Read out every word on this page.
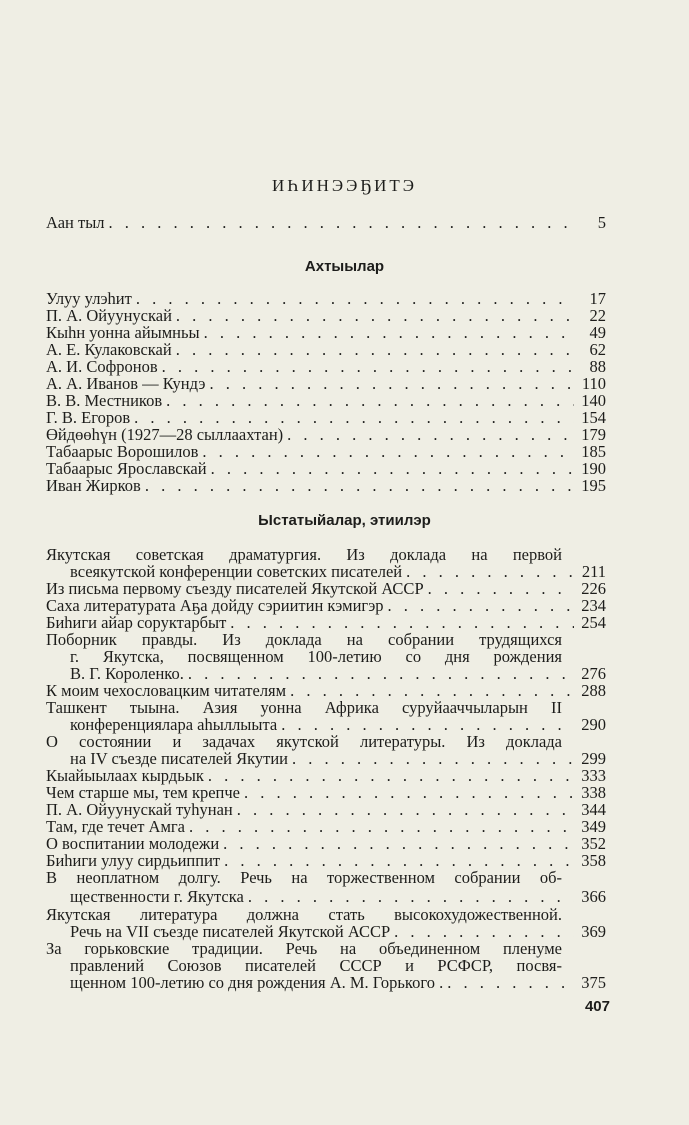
ИҺИНЭЭҔИТЭ
Аан тыл . . .	5
Ахтыылар
Улуу улэһит . . .	17
П. А. Ойуунускай . . .	22
Кыһн уонна айымньы . . .	49
А. Е. Кулаковскай . . .	62
А. И. Софронов . . .	88
А. А. Иванов — Кундэ . . .	110
В. В. Местников . . .	140
Г. В. Егоров . . .	154
Өйдөөһүн (1927—28 сыллаахтан) . . .	179
Табаарыс Ворошилов . . .	185
Табаарыс Ярославскай . . .	190
Иван Жирков . . .	195
Ыстатыйалар, этиилэр
Якутская советская драматургия. Из доклада на первой
всеякутской конференции советских писателей . . .	211
Из письма первому съезду писателей Якутской АССР . . .	226
Саха литературата Аҕа дойду сэриитин кэмигэр . . .	234
Биһиги айар соруктарбыт . . .	254
Поборник правды. Из доклада на собрании трудящихся
г. Якутска, посвященном 100-летию со дня рождения
В. Г. Короленко. . . .	276
К моим чехословацким читателям . . .	288
Ташкент тыына. Азия уонна Африка суруйааччыларын II
конференциялара аһыллыыта . . .	290
О состоянии и задачах якутской литературы. Из доклада
на IV съезде писателей Якутии . . .	299
Кыайыылаах кырдьык . . .	333
Чем старше мы, тем крепче . . .	338
П. А. Ойуунускай туһунан . . .	344
Там, где течет Амга . . .	349
О воспитании молодежи . . .	352
Биһиги улуу сирдьиппит . . .	358
В неоплатном долгу. Речь на торжественном собрании об-
щественности г. Якутска . . .	366
Якутская литература должна стать высокохудожественной.
Речь на VII съезде писателей Якутской АССР . . .	369
За горьковские традиции. Речь на объединенном пленуме
правлений Союзов писателей СССР и РСФСР, посвя-
щенном 100-летию со дня рождения А. М. Горького . . . .	375
407
